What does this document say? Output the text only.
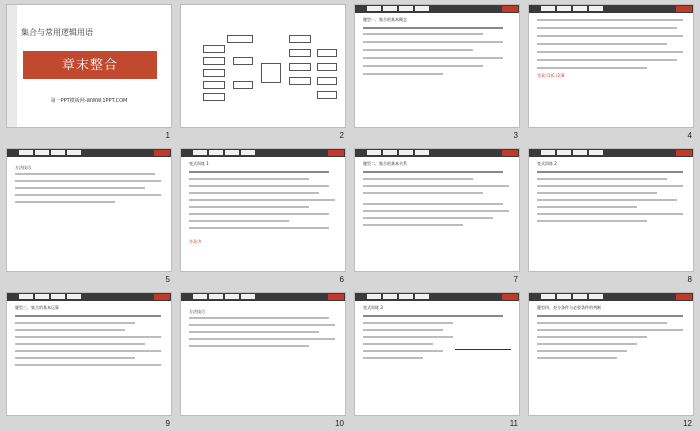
集合与常用逻辑用语
章末整合
第一PPT模板网-WWW.1PPT.COM
1	2
题型一、集合的基本概念
3
答案:(1)C (2)B
4
方法技巧
5
变式训练 1
答案:A
6
题型二、集合的基本关系
7
变式训练 2
8
题型三、集合的基本运算
9
方法技巧
10
变式训练 3
11
题型四、充分条件与必要条件的判断
12
